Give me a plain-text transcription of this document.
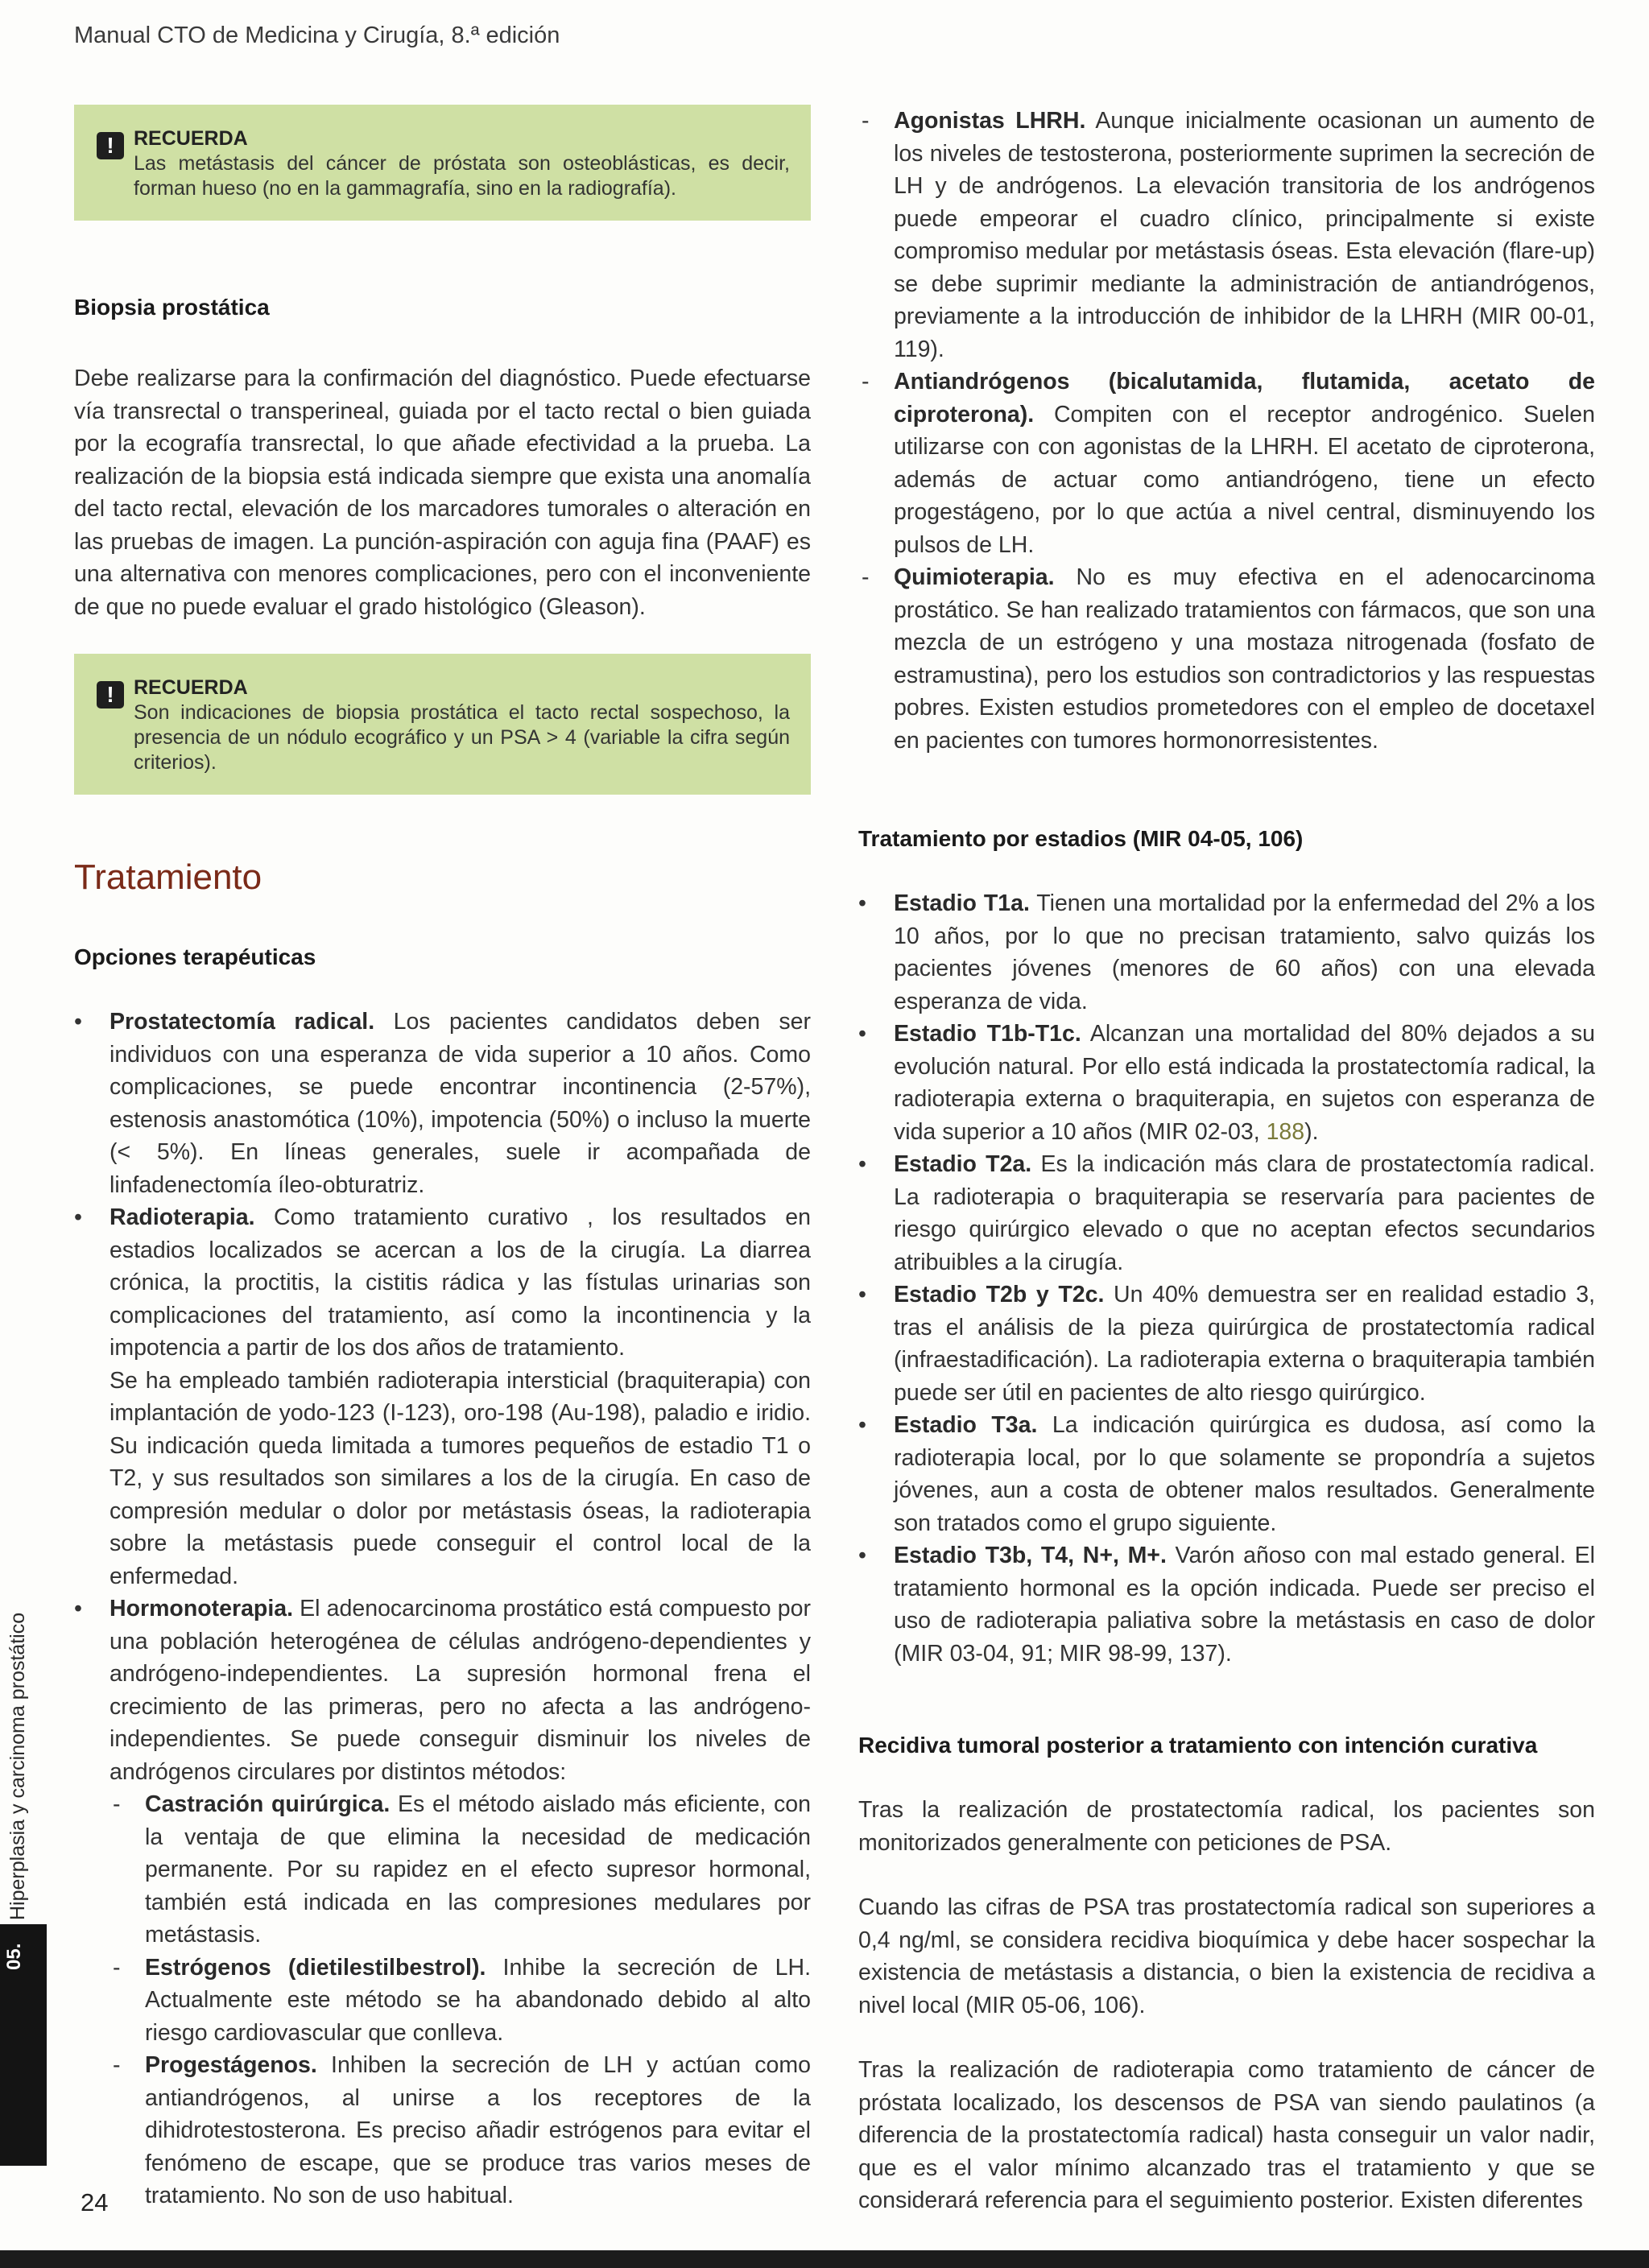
Manual CTO de Medicina y Cirugía, 8.ª edición
! RECUERDA
Las metástasis del cáncer de próstata son osteoblásticas, es decir, forman hueso (no en la gammagrafía, sino en la radiografía).

Biopsia prostática

Debe realizarse para la confirmación del diagnóstico. Puede efectuarse vía transrectal o transperineal, guiada por el tacto rectal o bien guiada por la ecografía transrectal, lo que añade efectividad a la prueba. La realización de la biopsia está indicada siempre que exista una anomalía del tacto rectal, elevación de los marcadores tumorales o alteración en las pruebas de imagen. La punción-aspiración con aguja fina (PAAF) es una alternativa con menores complicaciones, pero con el inconveniente de que no puede evaluar el grado histológico (Gleason).

! RECUERDA
Son indicaciones de biopsia prostática el tacto rectal sospechoso, la presencia de un nódulo ecográfico y un PSA > 4 (variable la cifra según criterios).
Tratamiento

Opciones terapéuticas

• Prostatectomía radical. Los pacientes candidatos deben ser individuos con una esperanza de vida superior a 10 años. Como complicaciones, se puede encontrar incontinencia (2-57%), estenosis anastomótica (10%), impotencia (50%) o incluso la muerte (< 5%). En líneas generales, suele ir acompañada de linfadenectomía íleo-obturatriz.
• Radioterapia. Como tratamiento curativo , los resultados en estadios localizados se acercan a los de la cirugía. La diarrea crónica, la proctitis, la cistitis rádica y las fístulas urinarias son complicaciones del tratamiento, así como la incontinencia y la impotencia a partir de los dos años de tratamiento.

Se ha empleado también radioterapia intersticial (braquiterapia) con implantación de yodo-123 (I-123), oro-198 (Au-198), paladio e iridio. Su indicación queda limitada a tumores pequeños de estadio T1 o T2, y sus resultados son similares a los de la cirugía. En caso de compresión medular o dolor por metástasis óseas, la radioterapia sobre la metástasis puede conseguir el control local de la enfermedad.

• Hormonoterapia. El adenocarcinoma prostático está compuesto por una población heterogénea de células andrógeno-dependientes y andrógeno-independientes. La supresión hormonal frena el crecimiento de las primeras, pero no afecta a las andrógeno-independientes. Se puede conseguir disminuir los niveles de andrógenos circulares por distintos métodos:
- Castración quirúrgica. Es el método aislado más eficiente, con la ventaja de que elimina la necesidad de medicación permanente. Por su rapidez en el efecto supresor hormonal, también está indicada en las compresiones medulares por metástasis.
- Estrógenos (dietilestilbestrol). Inhibe la secreción de LH. Actualmente este método se ha abandonado debido al alto riesgo cardiovascular que conlleva.
- Progestágenos. Inhiben la secreción de LH y actúan como antiandrógenos, al unirse a los receptores de la dihidrotestosterona. Es preciso añadir estrógenos para evitar el fenómeno de escape, que se produce tras varios meses de tratamiento. No son de uso habitual.
- Agonistas LHRH. Aunque inicialmente ocasionan un aumento de los niveles de testosterona, posteriormente suprimen la secreción de LH y de andrógenos. La elevación transitoria de los andrógenos puede empeorar el cuadro clínico, principalmente si existe compromiso medular por metástasis óseas. Esta elevación (flare-up) se debe suprimir mediante la administración de antiandrógenos, previamente a la introducción de inhibidor de la LHRH (MIR 00-01, 119).
- Antiandrógenos (bicalutamida, flutamida, acetato de ciproterona). Compiten con el receptor androgénico. Suelen utilizarse con con agonistas de la LHRH. El acetato de ciproterona, además de actuar como antiandrógeno, tiene un efecto progestágeno, por lo que actúa a nivel central, disminuyendo los pulsos de LH.
- Quimioterapia. No es muy efectiva en el adenocarcinoma prostático. Se han realizado tratamientos con fármacos, que son una mezcla de un estrógeno y una mostaza nitrogenada (fosfato de estramustina), pero los estudios son contradictorios y las respuestas pobres. Existen estudios prometedores con el empleo de docetaxel en pacientes con tumores hormonorresistentes.

Tratamiento por estadios (MIR 04-05, 106)

• Estadio T1a. Tienen una mortalidad por la enfermedad del 2% a los 10 años, por lo que no precisan tratamiento, salvo quizás los pacientes jóvenes (menores de 60 años) con una elevada esperanza de vida.
• Estadio T1b-T1c. Alcanzan una mortalidad del 80% dejados a su evolución natural. Por ello está indicada la prostatectomía radical, la radioterapia externa o braquiterapia, en sujetos con esperanza de vida superior a 10 años (MIR 02-03, 188).
• Estadio T2a. Es la indicación más clara de prostatectomía radical. La radioterapia o braquiterapia se reservaría para pacientes de riesgo quirúrgico elevado o que no aceptan efectos secundarios atribuibles a la cirugía.
• Estadio T2b y T2c. Un 40% demuestra ser en realidad estadio 3, tras el análisis de la pieza quirúrgica de prostatectomía radical (infraestadificación). La radioterapia externa o braquiterapia también puede ser útil en pacientes de alto riesgo quirúrgico.
• Estadio T3a. La indicación quirúrgica es dudosa, así como la radioterapia local, por lo que solamente se propondría a sujetos jóvenes, aun a costa de obtener malos resultados. Generalmente son tratados como el grupo siguiente.
• Estadio T3b, T4, N+, M+. Varón añoso con mal estado general. El tratamiento hormonal es la opción indicada. Puede ser preciso el uso de radioterapia paliativa sobre la metástasis en caso de dolor (MIR 03-04, 91; MIR 98-99, 137).

Recidiva tumoral posterior a tratamiento con intención curativa

Tras la realización de prostatectomía radical, los pacientes son monitorizados generalmente con peticiones de PSA.

Cuando las cifras de PSA tras prostatectomía radical son superiores a 0,4 ng/ml, se considera recidiva bioquímica y debe hacer sospechar la existencia de metástasis a distancia, o bien la existencia de recidiva a nivel local (MIR 05-06, 106).

Tras la realización de radioterapia como tratamiento de cáncer de próstata localizado, los descensos de PSA van siendo paulatinos (a diferencia de la prostatectomía radical) hasta conseguir un valor nadir, que es el valor mínimo alcanzado tras el tratamiento y que se considerará referencia para el seguimiento posterior. Existen diferentes

05.
Hiperplasia y carcinoma prostático
24
